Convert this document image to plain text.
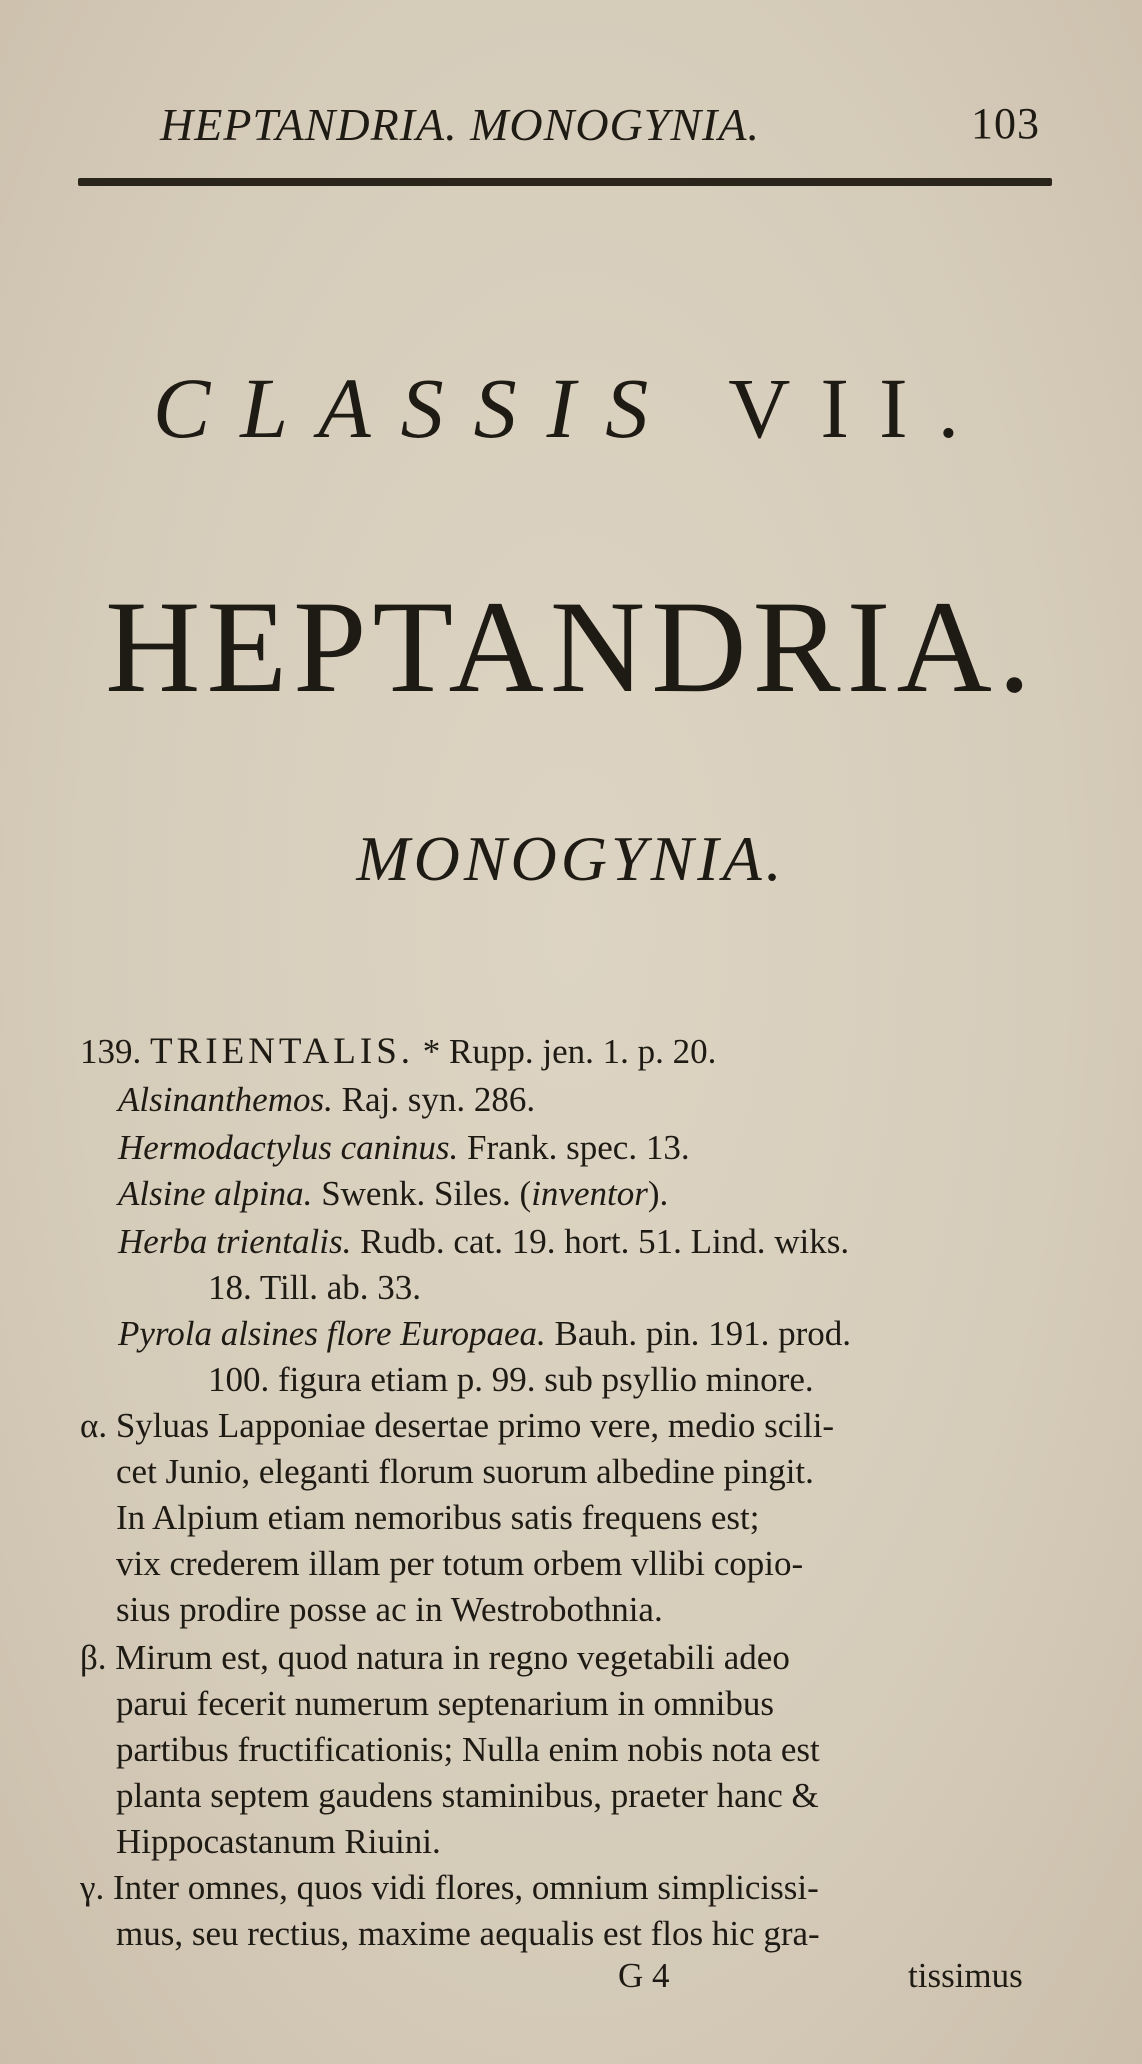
HEPTANDRIA. MONOGYNIA.	103
CLASSIS VII.
HEPTANDRIA.
MONOGYNIA.
139. TRIENTALIS. * Rupp. jen. 1. p. 20.
Alsinanthemos. Raj. syn. 286.
Hermodactylus caninus. Frank. spec. 13.
Alsine alpina. Swenk. Siles. (inventor).
Herba trientalis. Rudb. cat. 19. hort. 51. Lind. wiks.
18. Till. ab. 33.
Pyrola alsines flore Europaea. Bauh. pin. 191. prod.
100. figura etiam p. 99. sub psyllio minore.
α. Syluas Lapponiae desertae primo vere, medio scili-
cet Junio, eleganti florum suorum albedine pingit.
In Alpium etiam nemoribus satis frequens est;
vix crederem illam per totum orbem vllibi copio-
sius prodire posse ac in Westrobothnia.
β. Mirum est, quod natura in regno vegetabili adeo
parui fecerit numerum septenarium in omnibus
partibus fructificationis; Nulla enim nobis nota est
planta septem gaudens staminibus, praeter hanc &
Hippocastanum Riuini.
γ. Inter omnes, quos vidi flores, omnium simplicissi-
mus, seu rectius, maxime aequalis est flos hic gra-
G 4	tissimus
